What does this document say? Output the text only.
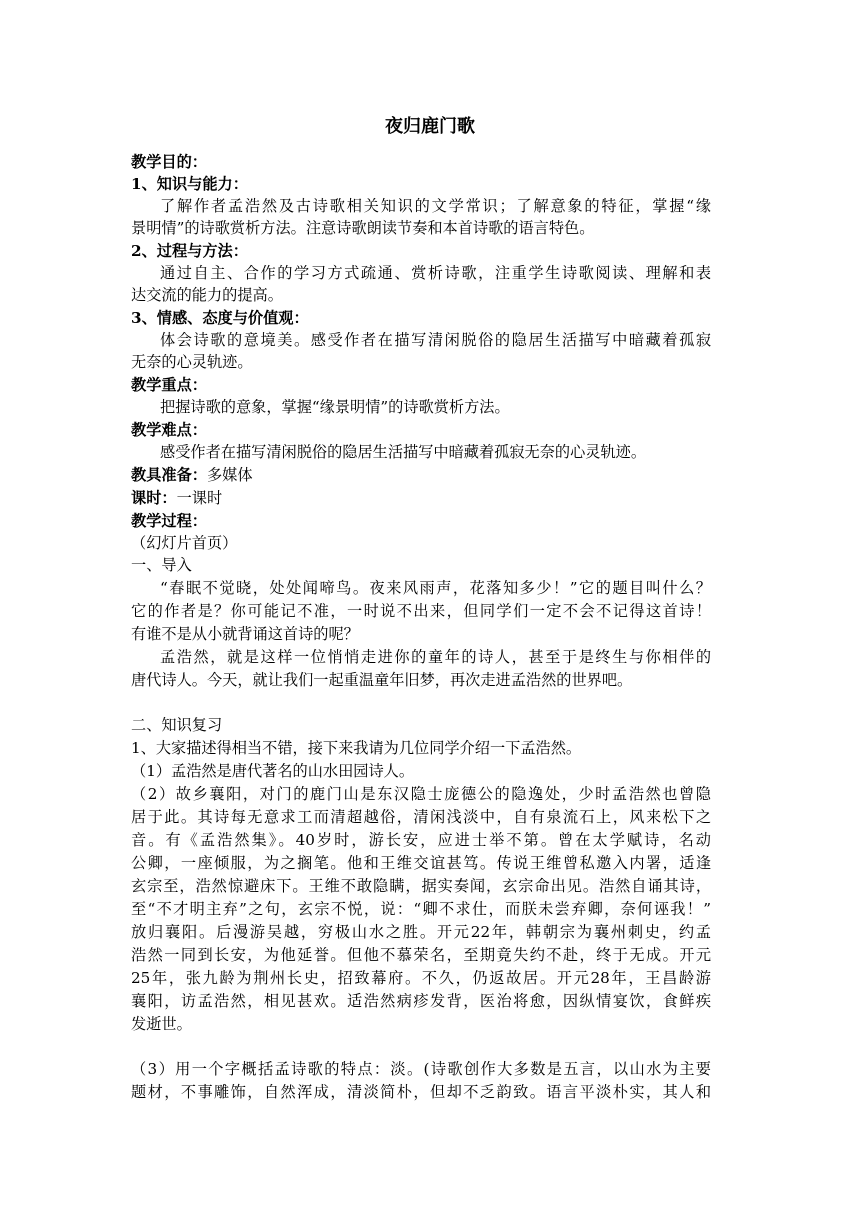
夜归鹿门歌
教学目的：
1、知识与能力：
了解作者孟浩然及古诗歌相关知识的文学常识；了解意象的特征，掌握“缘
景明情”的诗歌赏析方法。注意诗歌朗读节奏和本首诗歌的语言特色。
2、过程与方法：
通过自主、合作的学习方式疏通、赏析诗歌，注重学生诗歌阅读、理解和表
达交流的能力的提高。
3、情感、态度与价值观：
体会诗歌的意境美。感受作者在描写清闲脱俗的隐居生活描写中暗藏着孤寂
无奈的心灵轨迹。
教学重点：
把握诗歌的意象，掌握“缘景明情”的诗歌赏析方法。
教学难点：
感受作者在描写清闲脱俗的隐居生活描写中暗藏着孤寂无奈的心灵轨迹。
教具准备：多媒体
课时：一课时
教学过程：
（幻灯片首页）
一、导入
“春眠不觉晓，处处闻啼鸟。夜来风雨声，花落知多少！”它的题目叫什么？
它的作者是？你可能记不准，一时说不出来，但同学们一定不会不记得这首诗！
有谁不是从小就背诵这首诗的呢？
孟浩然，就是这样一位悄悄走进你的童年的诗人，甚至于是终生与你相伴的
唐代诗人。今天，就让我们一起重温童年旧梦，再次走进孟浩然的世界吧。
二、知识复习
1、大家描述得相当不错，接下来我请为几位同学介绍一下孟浩然。
（1）孟浩然是唐代著名的山水田园诗人。
（2）故乡襄阳，对门的鹿门山是东汉隐士庞德公的隐逸处，少时孟浩然也曾隐
居于此。其诗每无意求工而清超越俗，清闲浅淡中，自有泉流石上，风来松下之
音。有《孟浩然集》。40岁时，游长安，应进士举不第。曾在太学赋诗，名动
公卿，一座倾服，为之搁笔。他和王维交谊甚笃。传说王维曾私邀入内署，适逢
玄宗至，浩然惊避床下。王维不敢隐瞒，据实奏闻，玄宗命出见。浩然自诵其诗，
至“不才明主弃”之句，玄宗不悦，说：“卿不求仕，而朕未尝弃卿，奈何诬我！”
放归襄阳。后漫游吴越，穷极山水之胜。开元22年，韩朝宗为襄州刺史，约孟
浩然一同到长安，为他延誉。但他不慕荣名，至期竟失约不赴，终于无成。开元
25年，张九龄为荆州长史，招致幕府。不久，仍返故居。开元28年，王昌龄游
襄阳，访孟浩然，相见甚欢。适浩然病疹发背，医治将愈，因纵情宴饮，食鲜疾
发逝世。
（3）用一个字概括孟诗歌的特点：淡。(诗歌创作大多数是五言，以山水为主要
题材，不事雕饰，自然浑成，清淡简朴，但却不乏韵致。语言平淡朴实，其人和
